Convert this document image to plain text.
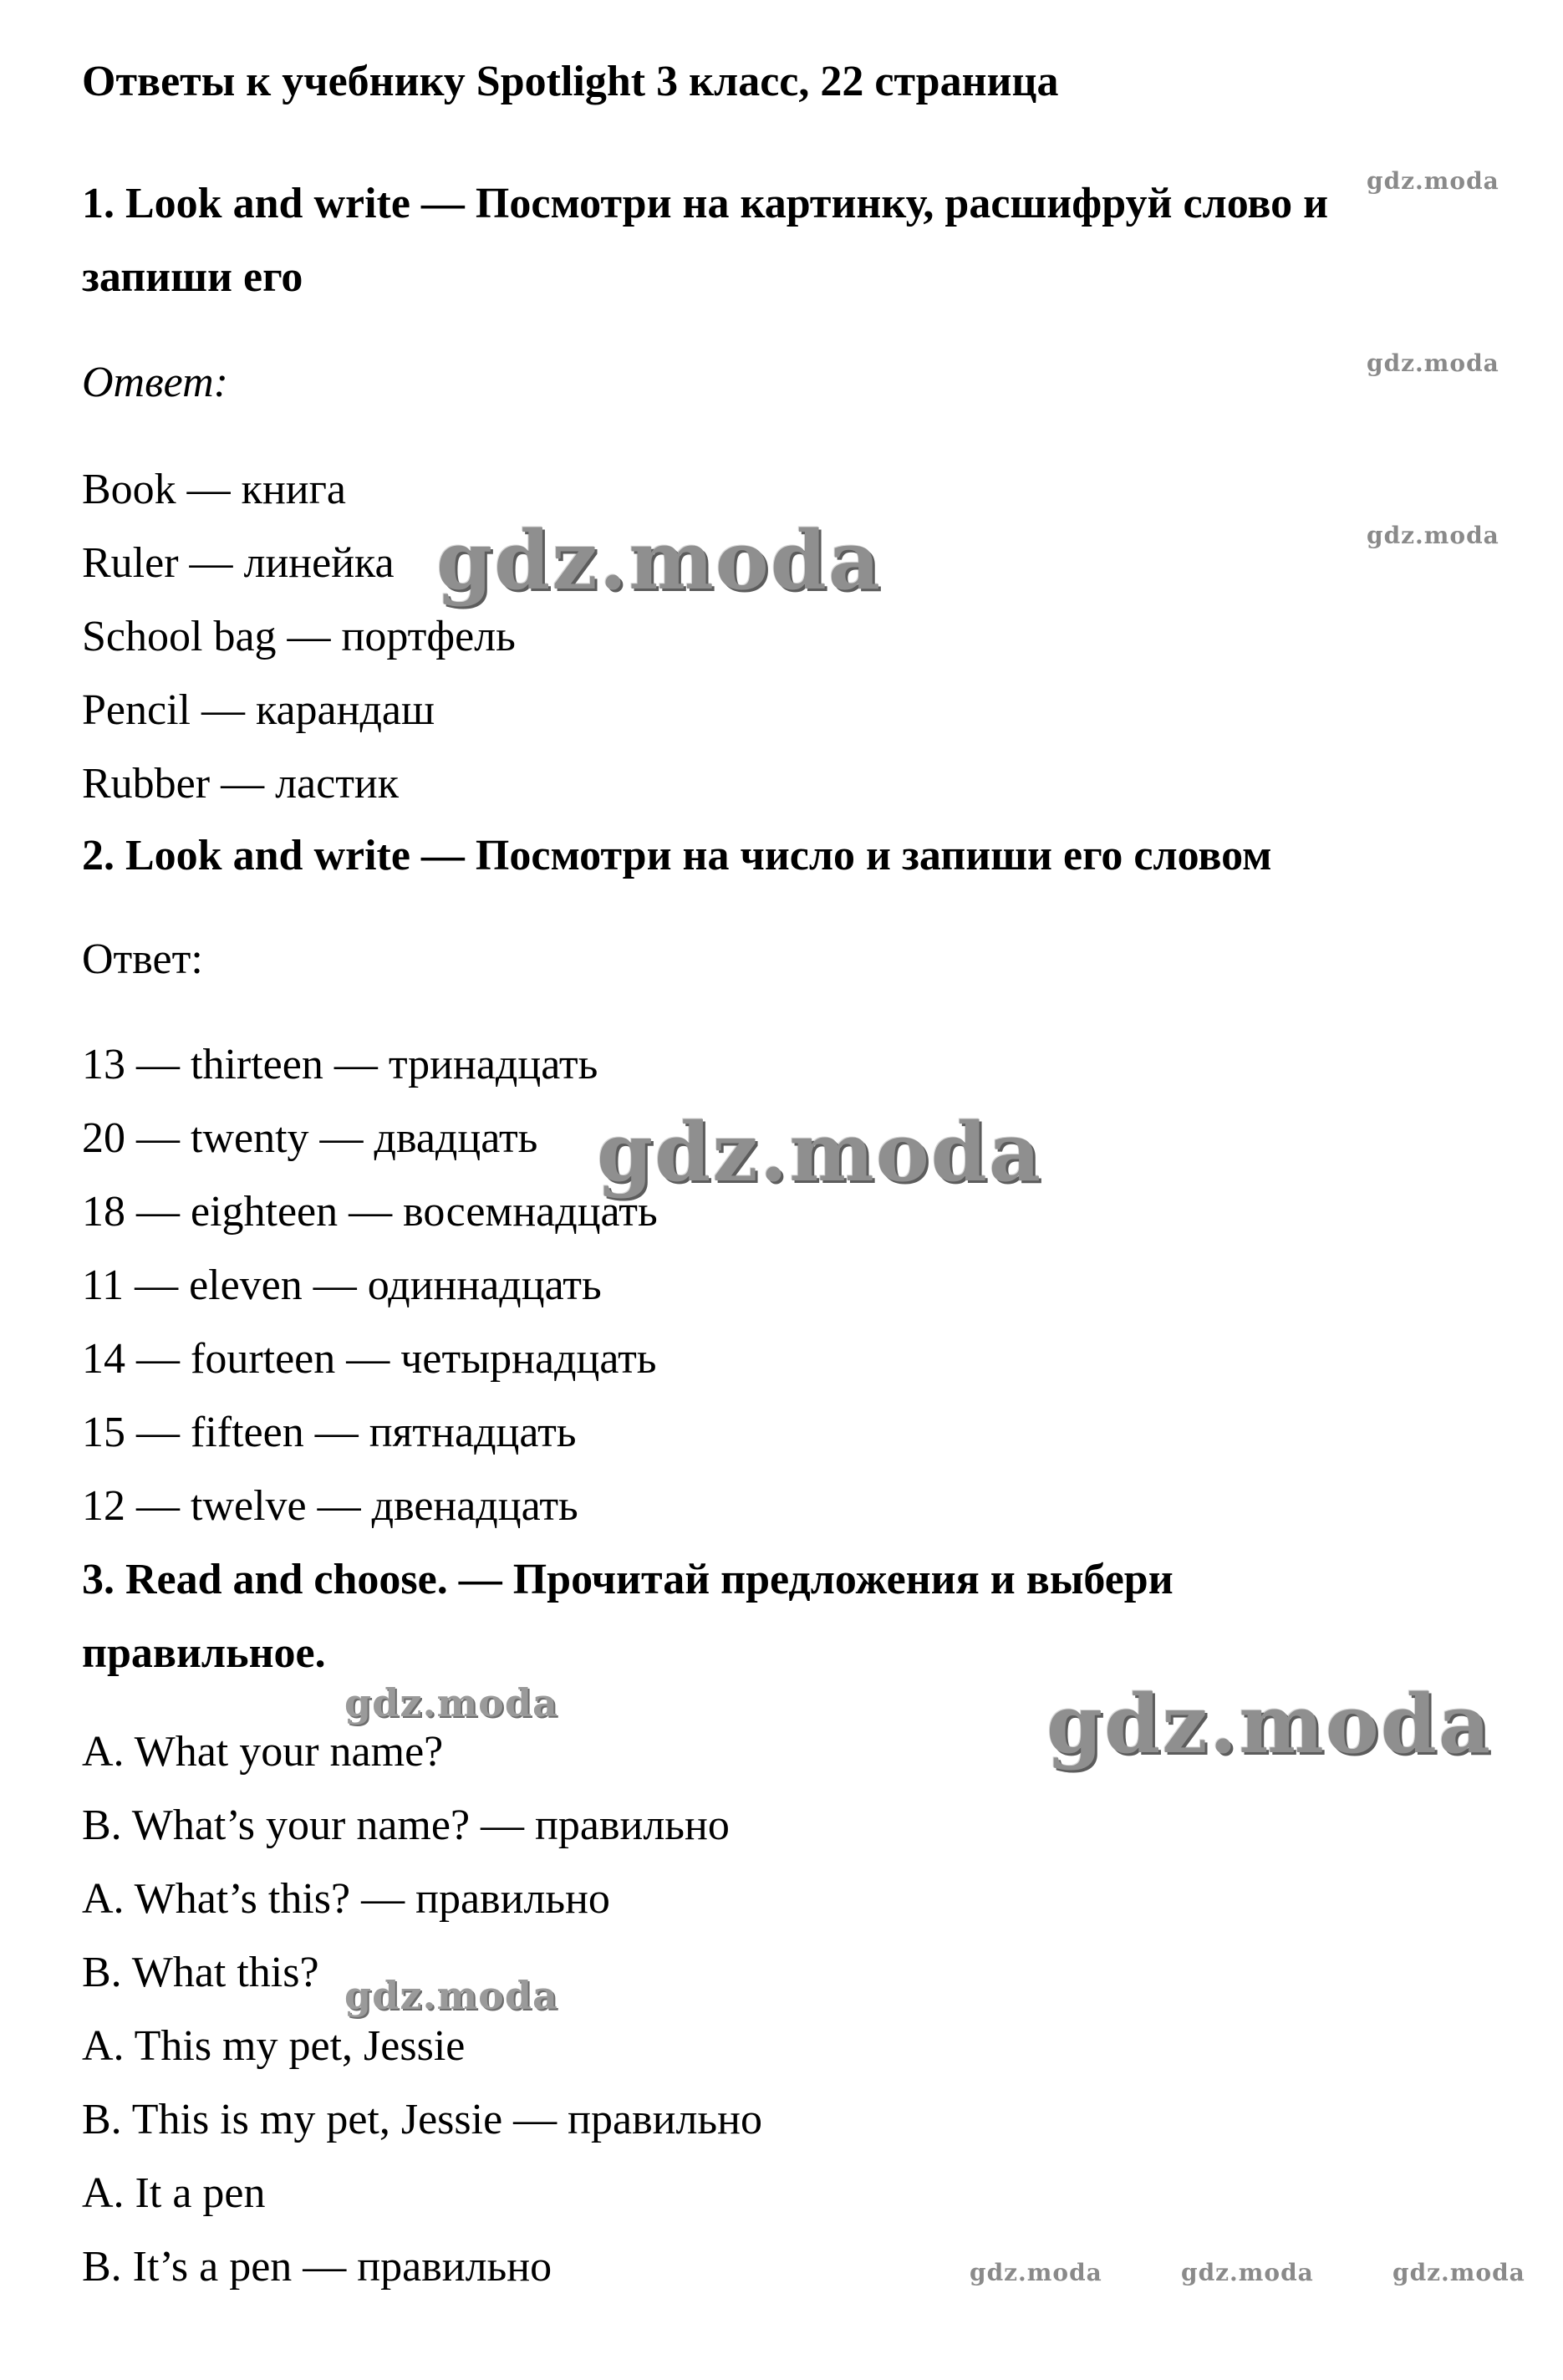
Ответы к учебнику Spotlight 3 класс, 22 страница
1. Look and write — Посмотри на картинку, расшифруй слово и
запиши его
Ответ:
Book — книга
Ruler — линейка
School bag — портфель
Pencil — карандаш
Rubber — ластик
2. Look and write — Посмотри на число и запиши его словом
Ответ:
13 — thirteen — тринадцать
20 — twenty — двадцать
18 — eighteen — восемнадцать
11 — eleven — одиннадцать
14 — fourteen — четырнадцать
15 — fifteen — пятнадцать
12 — twelve — двенадцать
3. Read and choose. — Прочитай предложения и выбери
правильное.
A. What your name?
B. What’s your name? — правильно
A. What’s this? — правильно
B. What this?
A. This my pet, Jessie
B. This is my pet, Jessie — правильно
A. It a pen
B. It’s a pen — правильно
gdz.moda
gdz.moda
gdz.moda
gdz.moda
gdz.moda
gdz.moda	gdz.moda
gdz.moda
gdz.moda	gdz.moda	gdz.moda
